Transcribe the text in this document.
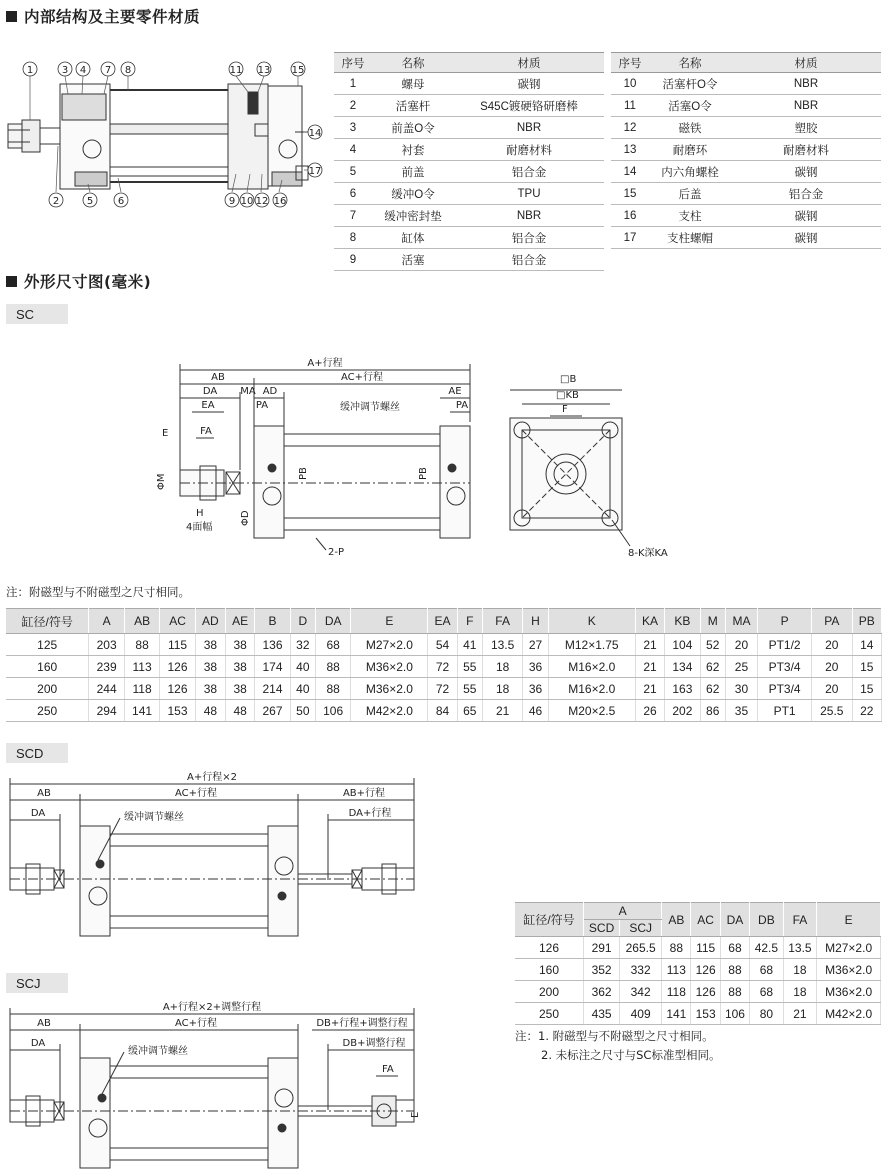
内部结构及主要零件材质
1	3 4 7 8	11 13 15
2	5 6	9 10 12 16
14
17
序号	名称	材质
1	螺母	碳钢
2	活塞杆	S45C镀硬铬研磨棒
3	前盖O令	NBR
4	衬套	耐磨材料
5	前盖	铝合金
6	缓冲O令	TPU
7	缓冲密封垫	NBR
8	缸体	铝合金
9	活塞	铝合金
序号	名称	材质
10	活塞杆O令	NBR
11	活塞O令	NBR
12	磁铁	塑胶
13	耐磨环	耐磨材料
14	内六角螺栓	碳钢
15	后盖	铝合金
16	支柱	碳钢
17	支柱螺帽	碳钢
外形尺寸图(毫米)
SC
A+行程
AB	AC+行程
DA MA AD	AE
PA	PA
EA
FA
E
ΦM
H
4面幅
ΦD
PB	PB
缓冲调节螺丝
2-P
□B
□KB
F
8-K深KA
注：附磁型与不附磁型之尺寸相同。
缸径/符号	A	AB	AC	AD	AE	B	D	DA	E	EA	F	FA	H	K	KA	KB	M	MA	P	PA	PB
125	203	88	115	38	38	136	32	68	M27×2.0	54	41	13.5	27	M12×1.75	21	104	52	20	PT1/2	20	14
160	239	113	126	38	38	174	40	88	M36×2.0	72	55	18	36	M16×2.0	21	134	62	25	PT3/4	20	15
200	244	118	126	38	38	214	40	88	M36×2.0	72	55	18	36	M16×2.0	21	163	62	30	PT3/4	20	15
250	294	141	153	48	48	267	50	106	M42×2.0	84	65	21	46	M20×2.5	26	202	86	35	PT1	25.5	22
SCD
A+行程×2
AB	AC+行程	AB+行程
DA	DA+行程
缓冲调节螺丝
缸径/符号	A		AB	AC	DA	DB	FA	E
	SCD	SCJ						
126	291	265.5	88	115	68	42.5	13.5	M27×2.0
160	352	332	113	126	88	68	18	M36×2.0
200	362	342	118	126	88	68	18	M36×2.0
250	435	409	141	153	106	80	21	M42×2.0
注：1. 附磁型与不附磁型之尺寸相同。
2. 未标注之尺寸与SC标准型相同。
SCJ
A+行程×2+调整行程
AB	AC+行程	DB+行程+调整行程
DA	DB+调整行程
缓冲调节螺丝
FA
E
